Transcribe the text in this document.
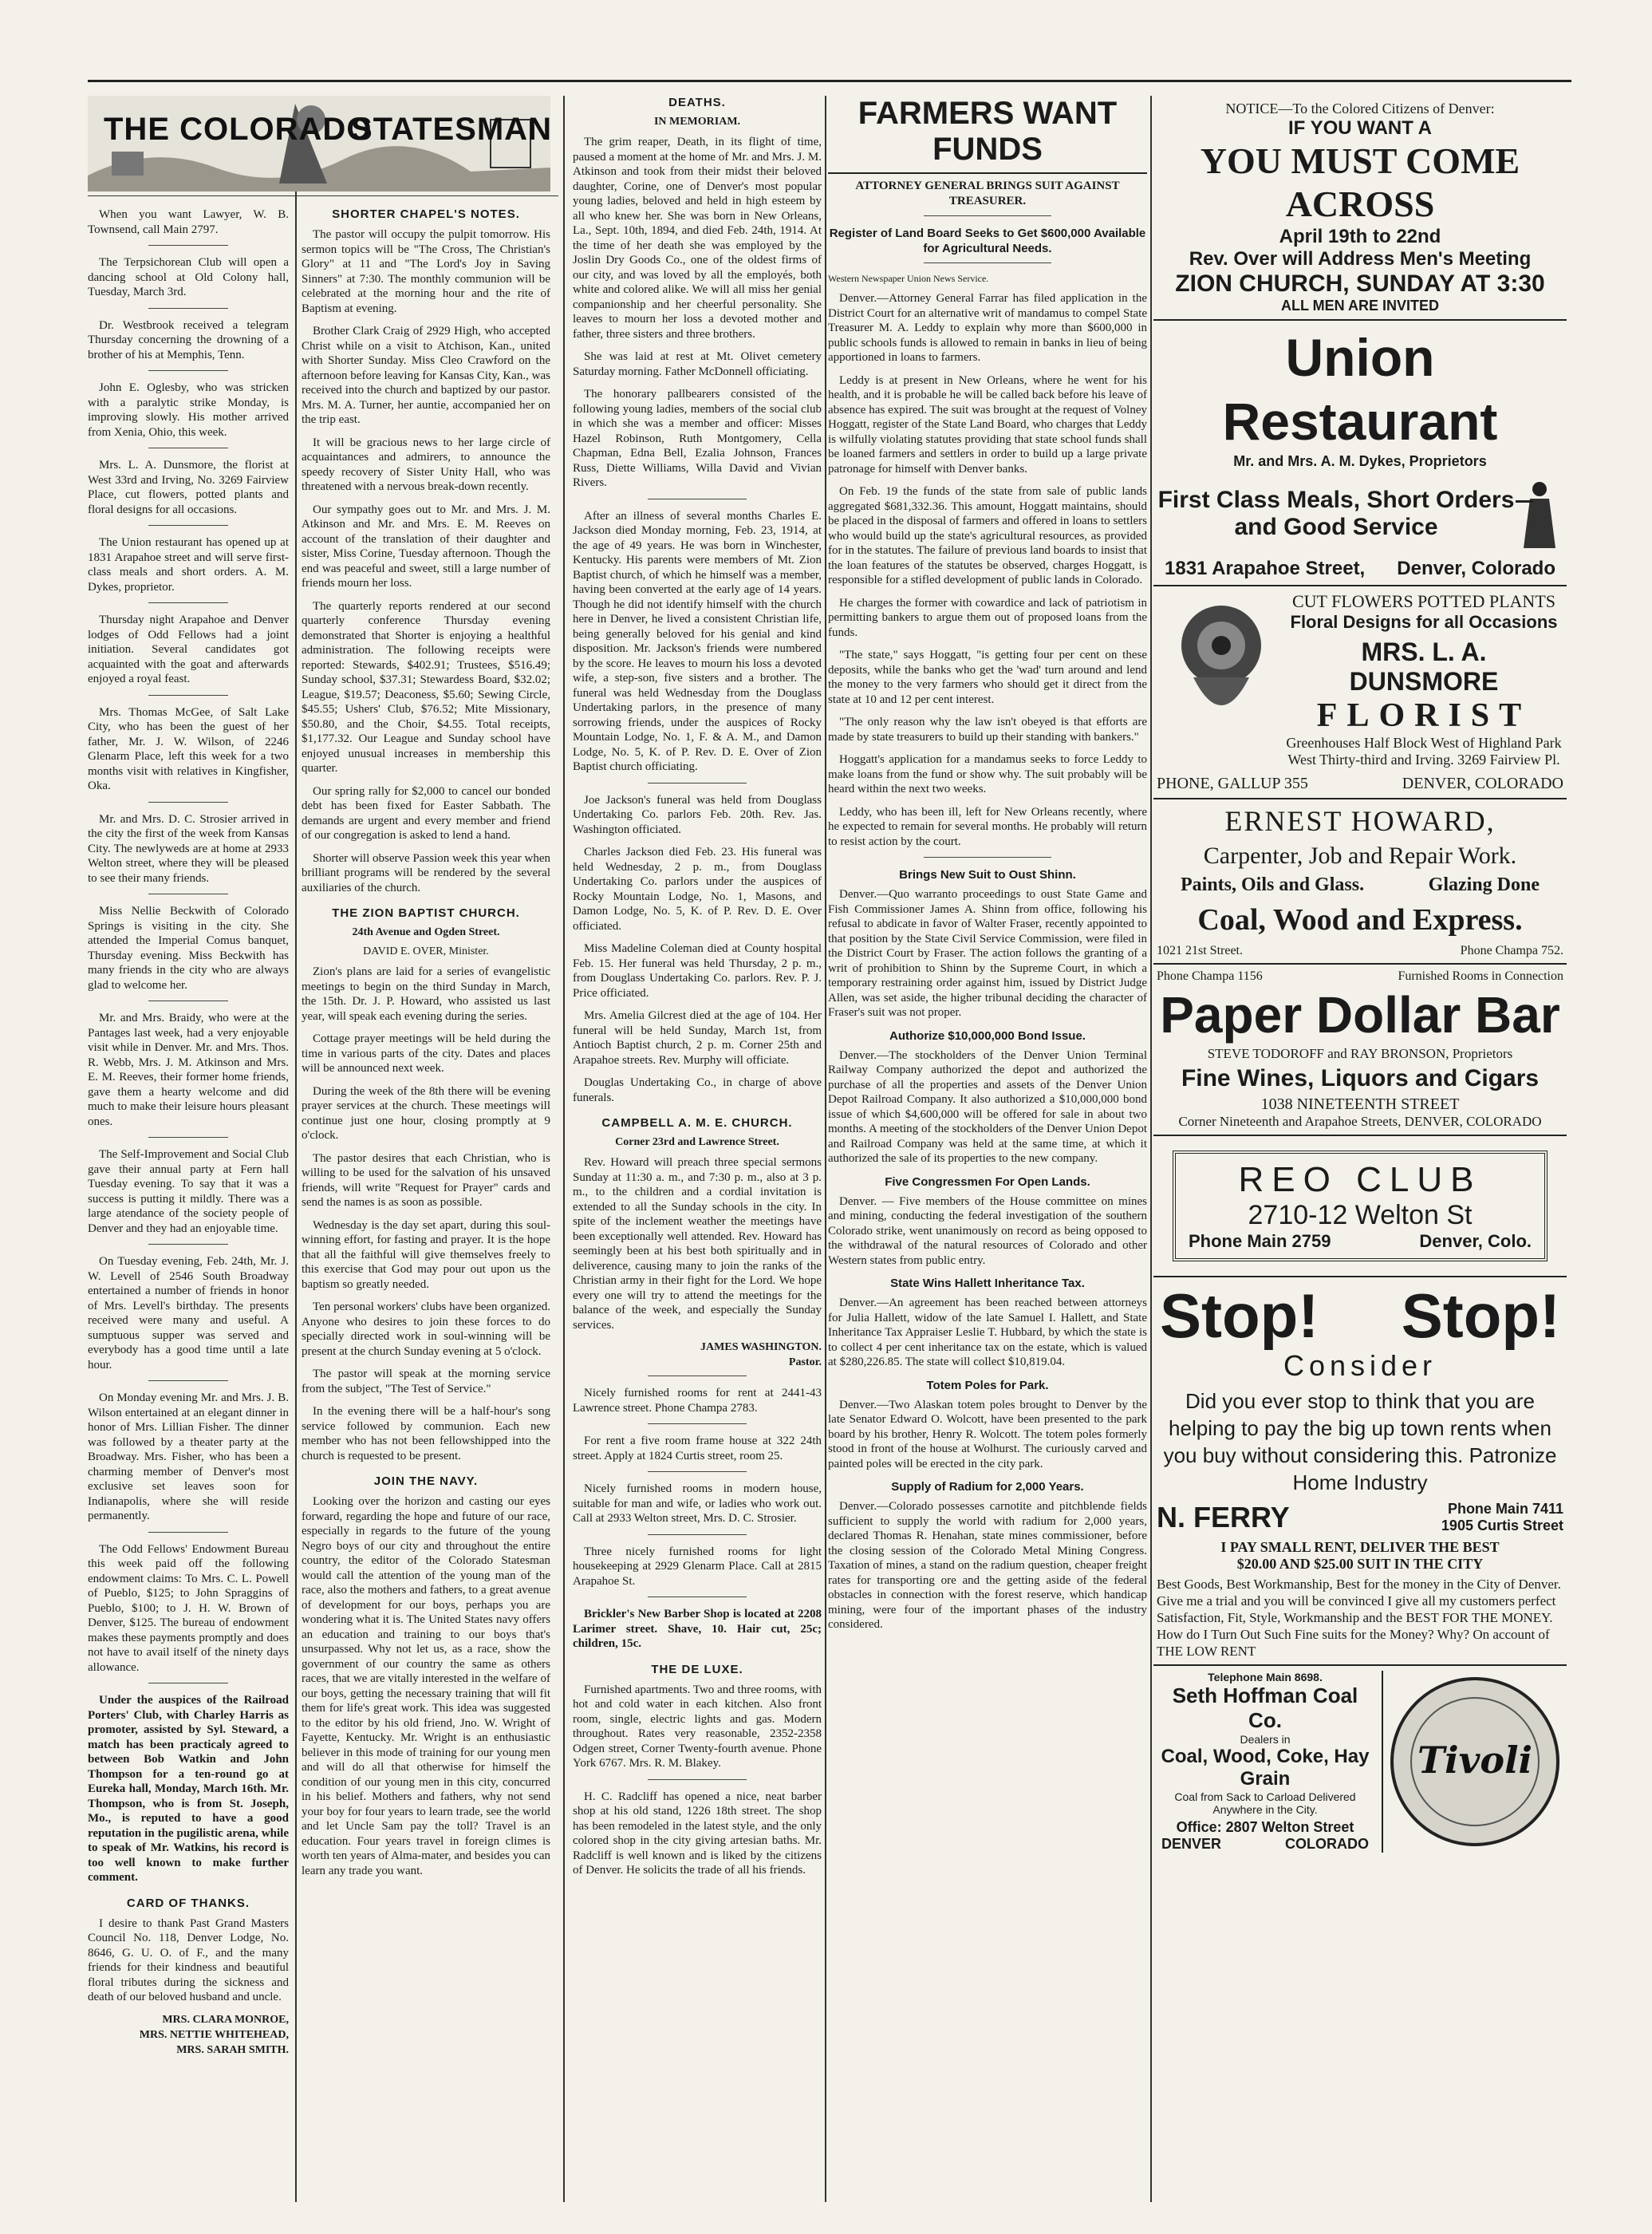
THE COLORADO
STATESMAN

When you want Lawyer, W. B. Townsend, call Main 2797.

The Terpsichorean Club will open a dancing school at Old Colony hall, Tuesday, March 3rd.

Dr. Westbrook received a telegram Thursday concerning the drowning of a brother of his at Memphis, Tenn.

John E. Oglesby, who was stricken with a paralytic strike Monday, is improving slowly. His mother arrived from Xenia, Ohio, this week.

Mrs. L. A. Dunsmore, the florist at West 33rd and Irving, No. 3269 Fairview Place, cut flowers, potted plants and floral designs for all occasions.

The Union restaurant has opened up at 1831 Arapahoe street and will serve first-class meals and short orders. A. M. Dykes, proprietor.

Thursday night Arapahoe and Denver lodges of Odd Fellows had a joint initiation. Several candidates got acquainted with the goat and afterwards enjoyed a royal feast.

Mrs. Thomas McGee, of Salt Lake City, who has been the guest of her father, Mr. J. W. Wilson, of 2246 Glenarm Place, left this week for a two months visit with relatives in Kingfisher, Oka.

Mr. and Mrs. D. C. Strosier arrived in the city the first of the week from Kansas City. The newlyweds are at home at 2933 Welton street, where they will be pleased to see their many friends.

Miss Nellie Beckwith of Colorado Springs is visiting in the city. She attended the Imperial Comus banquet, Thursday evening. Miss Beckwith has many friends in the city who are always glad to welcome her.

Mr. and Mrs. Braidy, who were at the Pantages last week, had a very enjoyable visit while in Denver. Mr. and Mrs. Thos. R. Webb, Mrs. J. M. Atkinson and Mrs. E. M. Reeves, their former home friends, gave them a hearty welcome and did much to make their leisure hours pleasant ones.

The Self-Improvement and Social Club gave their annual party at Fern hall Tuesday evening. To say that it was a success is putting it mildly. There was a large atendance of the society people of Denver and they had an enjoyable time.

On Tuesday evening, Feb. 24th, Mr. J. W. Levell of 2546 South Broadway entertained a number of friends in honor of Mrs. Levell's birthday. The presents received were many and useful. A sumptuous supper was served and everybody has a good time until a late hour.

On Monday evening Mr. and Mrs. J. B. Wilson entertained at an elegant dinner in honor of Mrs. Lillian Fisher. The dinner was followed by a theater party at the Broadway. Mrs. Fisher, who has been a charming member of Denver's most exclusive set leaves soon for Indianapolis, where she will reside permanently.

The Odd Fellows' Endowment Bureau this week paid off the following endowment claims: To Mrs. C. L. Powell of Pueblo, $125; to John Spraggins of Pueblo, $100; to J. H. W. Brown of Denver, $125. The bureau of endowment makes these payments promptly and does not have to avail itself of the ninety days allowance.

Under the auspices of the Railroad Porters' Club, with Charley Harris as promoter, assisted by Syl. Steward, a match has been practicaly agreed to between Bob Watkin and John Thompson for a ten-round go at Eureka hall, Monday, March 16th. Mr. Thompson, who is from St. Joseph, Mo., is reputed to have a good reputation in the pugilistic arena, while to speak of Mr. Watkins, his record is too well known to make further comment.

CARD OF THANKS.

I desire to thank Past Grand Masters Council No. 118, Denver Lodge, No. 8646, G. U. O. of F., and the many friends for their kindness and beautiful floral tributes during the sickness and death of our beloved husband and uncle.

MRS. CLARA MONROE,

MRS. NETTIE WHITEHEAD,

MRS. SARAH SMITH.

SHORTER CHAPEL'S NOTES.

The pastor will occupy the pulpit tomorrow. His sermon topics will be "The Cross, The Christian's Glory" at 11 and "The Lord's Joy in Saving Sinners" at 7:30. The monthly communion will be celebrated at the morning hour and the rite of Baptism at evening.

Brother Clark Craig of 2929 High, who accepted Christ while on a visit to Atchison, Kan., united with Shorter Sunday. Miss Cleo Crawford on the afternoon before leaving for Kansas City, Kan., was received into the church and baptized by our pastor. Mrs. M. A. Turner, her auntie, accompanied her on the trip east.

It will be gracious news to her large circle of acquaintances and admirers, to announce the speedy recovery of Sister Unity Hall, who was threatened with a nervous break-down recently.

Our sympathy goes out to Mr. and Mrs. J. M. Atkinson and Mr. and Mrs. E. M. Reeves on account of the translation of their daughter and sister, Miss Corine, Tuesday afternoon. Though the end was peaceful and sweet, still a large number of friends mourn her loss.

The quarterly reports rendered at our second quarterly conference Thursday evening demonstrated that Shorter is enjoying a healthful administration. The following receipts were reported: Stewards, $402.91; Trustees, $516.49; Sunday school, $37.31; Stewardess Board, $32.02; League, $19.57; Deaconess, $5.60; Sewing Circle, $45.55; Ushers' Club, $76.52; Mite Missionary, $50.80, and the Choir, $4.55. Total receipts, $1,177.32. Our League and Sunday school have enjoyed unusual increases in membership this quarter.

Our spring rally for $2,000 to cancel our bonded debt has been fixed for Easter Sabbath. The demands are urgent and every member and friend of our congregation is asked to lend a hand.

Shorter will observe Passion week this year when brilliant programs will be rendered by the several auxiliaries of the church.

THE ZION BAPTIST CHURCH.
24th Avenue and Ogden Street.
DAVID E. OVER, Minister.

Zion's plans are laid for a series of evangelistic meetings to begin on the third Sunday in March, the 15th. Dr. J. P. Howard, who assisted us last year, will speak each evening during the series.

Cottage prayer meetings will be held during the time in various parts of the city. Dates and places will be announced next week.

During the week of the 8th there will be evening prayer services at the church. These meetings will continue just one hour, closing promptly at 9 o'clock.

The pastor desires that each Christian, who is willing to be used for the salvation of his unsaved friends, will write "Request for Prayer" cards and send the names is as soon as possible.

Wednesday is the day set apart, during this soul-winning effort, for fasting and prayer. It is the hope that all the faithful will give themselves freely to this exercise that God may pour out upon us the baptism so greatly needed.

Ten personal workers' clubs have been organized. Anyone who desires to join these forces to do specially directed work in soul-winning will be present at the church Sunday evening at 5 o'clock.

The pastor will speak at the morning service from the subject, "The Test of Service."

In the evening there will be a half-hour's song service followed by communion. Each new member who has not been fellowshipped into the church is requested to be present.

JOIN THE NAVY.

Looking over the horizon and casting our eyes forward, regarding the hope and future of our race, especially in regards to the future of the young Negro boys of our city and throughout the entire country, the editor of the Colorado Statesman would call the attention of the young man of the race, also the mothers and fathers, to a great avenue of development for our boys, perhaps you are wondering what it is. The United States navy offers an education and training to our boys that's unsurpassed. Why not let us, as a race, show the government of our country the same as others races, that we are vitally interested in the welfare of our boys, getting the necessary training that will fit them for life's great work. This idea was suggested to the editor by his old friend, Jno. W. Wright of Fayette, Kentucky. Mr. Wright is an enthusiastic believer in this mode of training for our young men and will do all that otherwise for himself the condition of our young men in this city, concurred in his belief. Mothers and fathers, why not send your boy for four years to learn trade, see the world and let Uncle Sam pay the toll? Travel is an education. Four years travel in foreign climes is worth ten years of Alma-mater, and besides you can learn any trade you want.

DEATHS.
IN MEMORIAM.

The grim reaper, Death, in its flight of time, paused a moment at the home of Mr. and Mrs. J. M. Atkinson and took from their midst their beloved daughter, Corine, one of Denver's most popular young ladies, beloved and held in high esteem by all who knew her. She was born in New Orleans, La., Sept. 10th, 1894, and died Feb. 24th, 1914. At the time of her death she was employed by the Joslin Dry Goods Co., one of the oldest firms of our city, and was loved by all the employés, both white and colored alike. We will all miss her genial companionship and her cheerful personality. She leaves to mourn her loss a devoted mother and father, three sisters and three brothers.

She was laid at rest at Mt. Olivet cemetery Saturday morning. Father McDonnell officiating.

The honorary pallbearers consisted of the following young ladies, members of the social club in which she was a member and officer: Misses Hazel Robinson, Ruth Montgomery, Cella Chapman, Edna Bell, Ezalia Johnson, Frances Russ, Diette Williams, Willa David and Vivian Rivers.

After an illness of several months Charles E. Jackson died Monday morning, Feb. 23, 1914, at the age of 49 years. He was born in Winchester, Kentucky. His parents were members of Mt. Zion Baptist church, of which he himself was a member, having been converted at the early age of 14 years. Though he did not identify himself with the church here in Denver, he lived a consistent Christian life, being generally beloved for his genial and kind disposition. Mr. Jackson's friends were numbered by the score. He leaves to mourn his loss a devoted wife, a step-son, five sisters and a brother. The funeral was held Wednesday from the Douglass Undertaking parlors, in the presence of many sorrowing friends, under the auspices of Rocky Mountain Lodge, No. 1, F. & A. M., and Damon Lodge, No. 5, K. of P. Rev. D. E. Over of Zion Baptist church officiating.

Joe Jackson's funeral was held from Douglass Undertaking Co. parlors Feb. 20th. Rev. Jas. Washington officiated.

Charles Jackson died Feb. 23. His funeral was held Wednesday, 2 p. m., from Douglass Undertaking Co. parlors under the auspices of Rocky Mountain Lodge, No. 1, Masons, and Damon Lodge, No. 5, K. of P. Rev. D. E. Over officiated.

Miss Madeline Coleman died at County hospital Feb. 15. Her funeral was held Thursday, 2 p. m., from Douglass Undertaking Co. parlors. Rev. P. J. Price officiated.

Mrs. Amelia Gilcrest died at the age of 104. Her funeral will be held Sunday, March 1st, from Antioch Baptist church, 2 p. m. Corner 25th and Arapahoe streets. Rev. Murphy will officiate.

Douglas Undertaking Co., in charge of above funerals.

CAMPBELL A. M. E. CHURCH.
Corner 23rd and Lawrence Street.

Rev. Howard will preach three special sermons Sunday at 11:30 a. m., and 7:30 p. m., also at 3 p. m., to the children and a cordial invitation is extended to all the Sunday schools in the city. In spite of the inclement weather the meetings have been exceptionally well attended. Rev. Howard has seemingly been at his best both spiritually and in deliverence, causing many to join the ranks of the Christian army in their fight for the Lord. We hope every one will try to attend the meetings for the balance of the week, and especially the Sunday services.

JAMES WASHINGTON.

Pastor.

Nicely furnished rooms for rent at 2441-43 Lawrence street. Phone Champa 2783.

For rent a five room frame house at 322 24th street. Apply at 1824 Curtis street, room 25.

Nicely furnished rooms in modern house, suitable for man and wife, or ladies who work out. Call at 2933 Welton street, Mrs. D. C. Strosier.

Three nicely furnished rooms for light housekeeping at 2929 Glenarm Place. Call at 2815 Arapahoe St.

Brickler's New Barber Shop is located at 2208 Larimer street. Shave, 10. Hair cut, 25c; children, 15c.

THE DE LUXE.

Furnished apartments. Two and three rooms, with hot and cold water in each kitchen. Also front room, single, electric lights and gas. Modern throughout. Rates very reasonable, 2352-2358 Odgen street, Corner Twenty-fourth avenue. Phone York 6767. Mrs. R. M. Blakey.

H. C. Radcliff has opened a nice, neat barber shop at his old stand, 1226 18th street. The shop has been remodeled in the latest style, and the only colored shop in the city giving artesian baths. Mr. Radcliff is well known and is liked by the citizens of Denver. He solicits the trade of all his friends.

FARMERS WANT FUNDS
ATTORNEY GENERAL BRINGS SUIT AGAINST TREASURER.
Register of Land Board Seeks to Get $600,000 Available for Agricultural Needs.
Western Newspaper Union News Service.

Denver.—Attorney General Farrar has filed application in the District Court for an alternative writ of mandamus to compel State Treasurer M. A. Leddy to explain why more than $600,000 in public schools funds is allowed to remain in banks in lieu of being apportioned in loans to farmers.

Leddy is at present in New Orleans, where he went for his health, and it is probable he will be called back before his leave of absence has expired. The suit was brought at the request of Volney Hoggatt, register of the State Land Board, who charges that Leddy is wilfully violating statutes providing that state school funds shall be loaned farmers and settlers in order to build up a large private patronage for himself with Denver banks.

On Feb. 19 the funds of the state from sale of public lands aggregated $681,332.36. This amount, Hoggatt maintains, should be placed in the disposal of farmers and offered in loans to settlers who would build up the state's agricultural resources, as provided for in the statutes. The failure of previous land boards to insist that the loan features of the statutes be observed, charges Hoggatt, is responsible for a stifled development of public lands in Colorado.

He charges the former with cowardice and lack of patriotism in permitting bankers to argue them out of proposed loans from the funds.

"The state," says Hoggatt, "is getting four per cent on these deposits, while the banks who get the 'wad' turn around and lend the money to the very farmers who should get it direct from the state at 10 and 12 per cent interest.

"The only reason why the law isn't obeyed is that efforts are made by state treasurers to build up their standing with bankers."

Hoggatt's application for a mandamus seeks to force Leddy to make loans from the fund or show why. The suit probably will be heard within the next two weeks.

Leddy, who has been ill, left for New Orleans recently, where he expected to remain for several months. He probably will return to resist action by the court.

Brings New Suit to Oust Shinn.

Denver.—Quo warranto proceedings to oust State Game and Fish Commissioner James A. Shinn from office, following his refusal to abdicate in favor of Walter Fraser, recently appointed to that position by the State Civil Service Commission, were filed in the District Court by Fraser. The action follows the granting of a writ of prohibition to Shinn by the Supreme Court, in which a temporary restraining order against him, issued by District Judge Allen, was set aside, the higher tribunal deciding the character of Fraser's suit was not proper.

Authorize $10,000,000 Bond Issue.

Denver.—The stockholders of the Denver Union Terminal Railway Company authorized the depot and authorized the purchase of all the properties and assets of the Denver Union Depot Railroad Company. It also authorized a $10,000,000 bond issue of which $4,600,000 will be offered for sale in about two months. A meeting of the stockholders of the Denver Union Depot and Railroad Company was held at the same time, at which it authorized the sale of its properties to the new company.

Five Congressmen For Open Lands.

Denver. — Five members of the House committee on mines and mining, conducting the federal investigation of the southern Colorado strike, went unanimously on record as being opposed to the withdrawal of the natural resources of Colorado and other Western states from public entry.

State Wins Hallett Inheritance Tax.

Denver.—An agreement has been reached between attorneys for Julia Hallett, widow of the late Samuel I. Hallett, and State Inheritance Tax Appraiser Leslie T. Hubbard, by which the state is to collect 4 per cent inheritance tax on the estate, which is valued at $280,226.85. The state will collect $10,819.04.

Totem Poles for Park.

Denver.—Two Alaskan totem poles brought to Denver by the late Senator Edward O. Wolcott, have been presented to the park board by his brother, Henry R. Wolcott. The totem poles formerly stood in front of the house at Wolhurst. The curiously carved and painted poles will be erected in the city park.

Supply of Radium for 2,000 Years.

Denver.—Colorado possesses carnotite and pitchblende fields sufficient to supply the world with radium for 2,000 years, declared Thomas R. Henahan, state mines commissioner, before the closing session of the Colorado Metal Mining Congress. Taxation of mines, a stand on the radium question, cheaper freight rates for transporting ore and the getting aside of the federal obstacles in connection with the forest reserve, which handicap mining, were four of the important phases of the industry considered.

NOTICE—To the Colored Citizens of Denver:
IF YOU WANT A
YOU MUST COME ACROSS
April 19th to 22nd
Rev. Over will Address Men's Meeting
ZION CHURCH, SUNDAY AT 3:30
ALL MEN ARE INVITED
Union Restaurant
Mr. and Mrs. A. M. Dykes, Proprietors
First Class Meals, Short Orders
and Good Service
1831 Arapahoe Street, Denver, Colorado
CUT FLOWERS POTTED PLANTS
Floral Designs for all Occasions
MRS. L. A. DUNSMORE
FLORIST
Greenhouses Half Block West of Highland Park
West Thirty-third and Irving. 3269 Fairview Pl.
PHONE, GALLUP 355	DENVER, COLORADO
ERNEST HOWARD,
Carpenter, Job and Repair Work.
Paints, Oils and Glass.	Glazing Done
Coal, Wood and Express.
1021 21st Street.	Phone Champa 752.
Phone Champa 1156	Furnished Rooms in Connection
Paper Dollar Bar
STEVE TODOROFF and RAY BRONSON, Proprietors
Fine Wines, Liquors and Cigars
1038 NINETEENTH STREET
Corner Nineteenth and Arapahoe Streets, DENVER, COLORADO
REO CLUB
2710-12 Welton St
Phone Main 2759	Denver, Colo.
Stop! Stop!
Consider
Did you ever stop to think that you are helping to pay the big up town rents when you buy without considering this. Patronize Home Industry
N. FERRY	Phone Main 7411
1905 Curtis Street
I PAY SMALL RENT, DELIVER THE BEST
$20.00 AND $25.00 SUIT IN THE CITY
Best Goods, Best Workmanship, Best for the money in the City of Denver. Give me a trial and you will be convinced I give all my customers perfect Satisfaction, Fit, Style, Workmanship and the BEST FOR THE MONEY.
How do I Turn Out Such Fine suits for the Money? Why? On account of THE LOW RENT
Telephone Main 8698.
Seth Hoffman Coal Co.
Dealers in
Coal, Wood, Coke, Hay
Grain
Coal from Sack to Carload Delivered Anywhere in the City.
Office: 2807 Welton Street
DENVER	COLORADO
Tivoli
